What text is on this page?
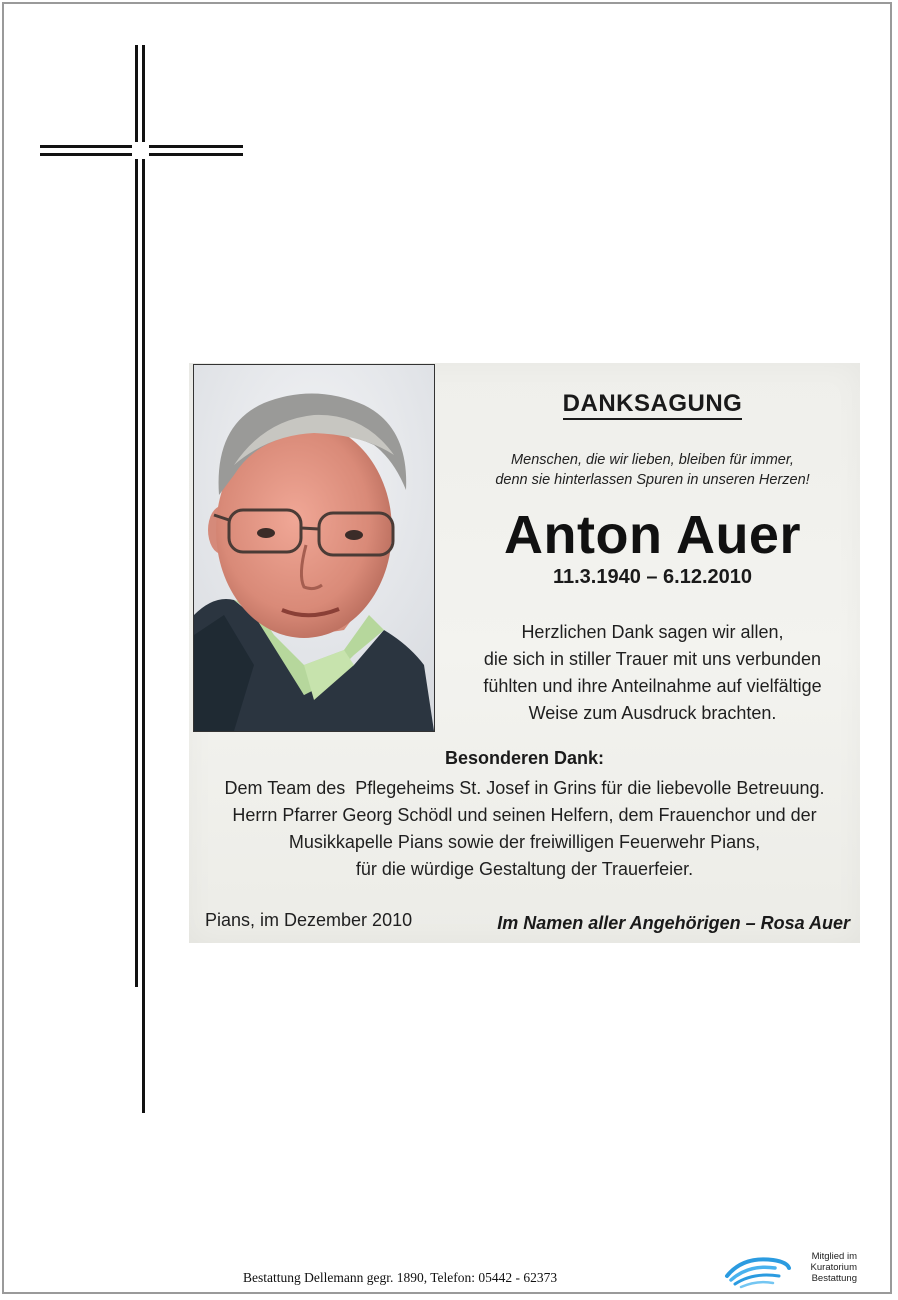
DANKSAGUNG
Menschen, die wir lieben, bleiben für immer,
denn sie hinterlassen Spuren in unseren Herzen!
Anton Auer
11.3.1940 – 6.12.2010
Herzlichen Dank sagen wir allen,
die sich in stiller Trauer mit uns verbunden
fühlten und ihre Anteilnahme auf vielfältige
Weise zum Ausdruck brachten.
Besonderen Dank:
Dem Team des  Pflegeheims St. Josef in Grins für die liebevolle Betreuung.
Herrn Pfarrer Georg Schödl und seinen Helfern, dem Frauenchor und der
Musikkapelle Pians sowie der freiwilligen Feuerwehr Pians,
für die würdige Gestaltung der Trauerfeier.
Pians, im Dezember 2010	Im Namen aller Angehörigen – Rosa Auer
Bestattung Dellemann gegr. 1890, Telefon: 05442 - 62373
Mitglied im
Kuratorium Bestattung
